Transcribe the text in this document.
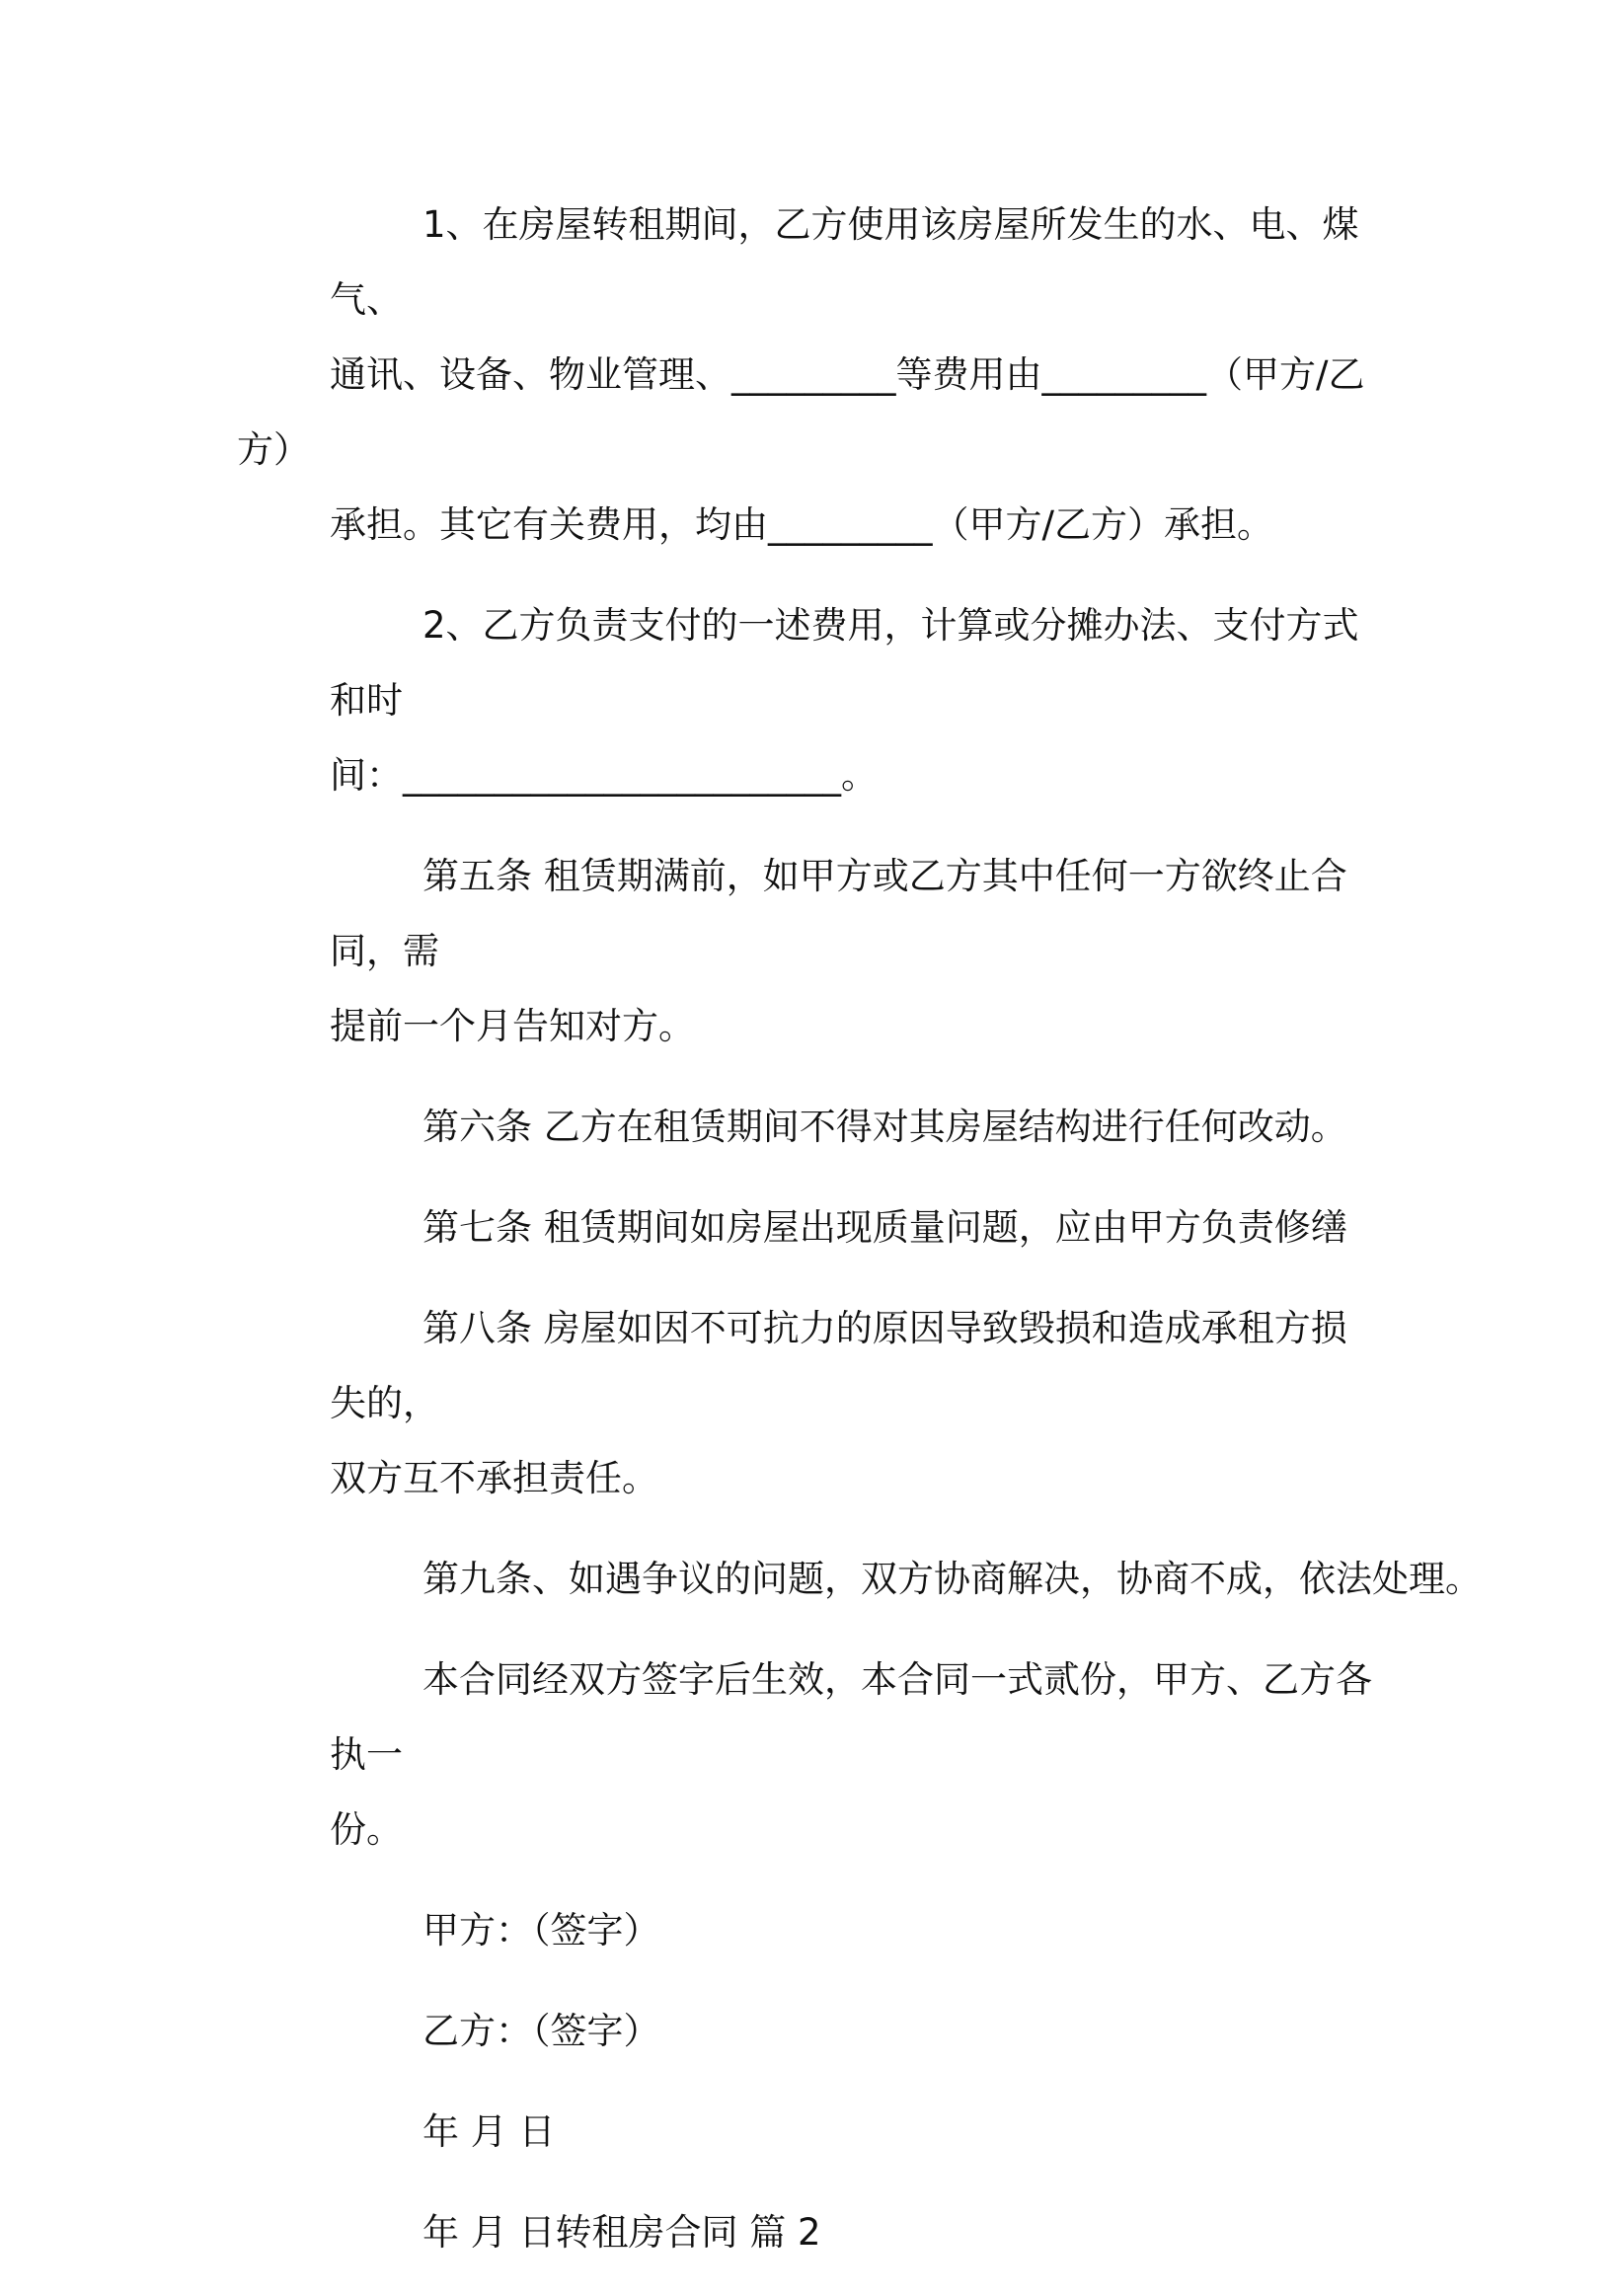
1、在房屋转租期间，乙方使用该房屋所发生的水、电、煤气、
通讯、设备、物业管理、_________等费用由_________（甲方/乙方）
承担。其它有关费用，均由_________（甲方/乙方）承担。

2、乙方负责支付的一述费用，计算或分摊办法、支付方式和时
间：________________________。

第五条 租赁期满前，如甲方或乙方其中任何一方欲终止合同，需
提前一个月告知对方。

第六条 乙方在租赁期间不得对其房屋结构进行任何改动。

第七条 租赁期间如房屋出现质量问题，应由甲方负责修缮

第八条 房屋如因不可抗力的原因导致毁损和造成承租方损失的，
双方互不承担责任。

第九条、如遇争议的问题，双方协商解决，协商不成，依法处理。

本合同经双方签字后生效，本合同一式贰份，甲方、乙方各执一
份。

甲方：（签字）

乙方：（签字）

年 月 日

年 月 日转租房合同 篇 2
